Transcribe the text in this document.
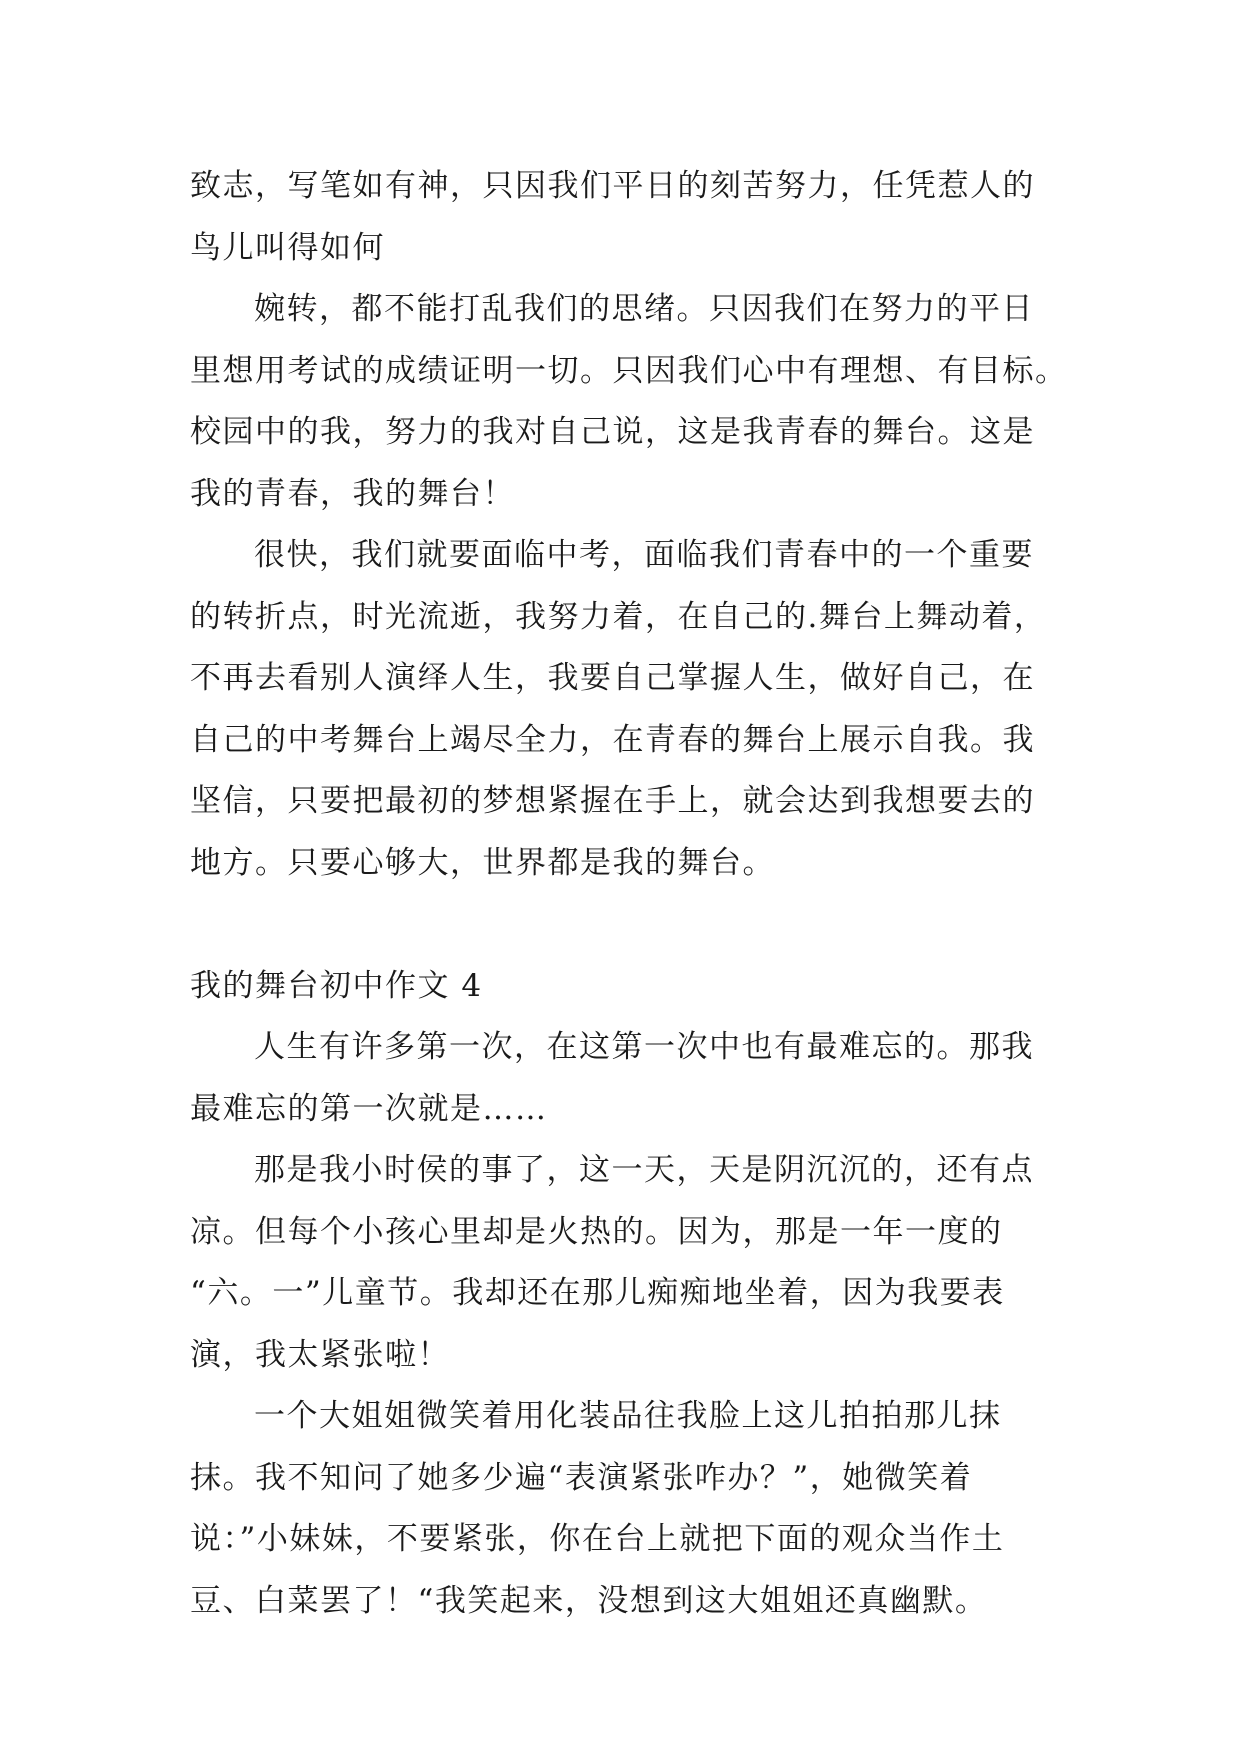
致志，写笔如有神，只因我们平日的刻苦努力，任凭惹人的
鸟儿叫得如何
婉转，都不能打乱我们的思绪。只因我们在努力的平日
里想用考试的成绩证明一切。只因我们心中有理想、有目标。
校园中的我，努力的我对自己说，这是我青春的舞台。这是
我的青春，我的舞台！
很快，我们就要面临中考，面临我们青春中的一个重要
的转折点，时光流逝，我努力着，在自己的.舞台上舞动着，
不再去看别人演绎人生，我要自己掌握人生，做好自己，在
自己的中考舞台上竭尽全力，在青春的舞台上展示自我。我
坚信，只要把最初的梦想紧握在手上，就会达到我想要去的
地方。只要心够大，世界都是我的舞台。
我的舞台初中作文 4
人生有许多第一次，在这第一次中也有最难忘的。那我
最难忘的第一次就是……
那是我小时侯的事了，这一天，天是阴沉沉的，还有点
凉。但每个小孩心里却是火热的。因为，那是一年一度的
“六。一”儿童节。我却还在那儿痴痴地坐着，因为我要表
演，我太紧张啦！
一个大姐姐微笑着用化装品往我脸上这儿拍拍那儿抹
抹。我不知问了她多少遍“表演紧张咋办？”，她微笑着
说：”小妹妹，不要紧张，你在台上就把下面的观众当作土
豆、白菜罢了！“我笑起来，没想到这大姐姐还真幽默。
